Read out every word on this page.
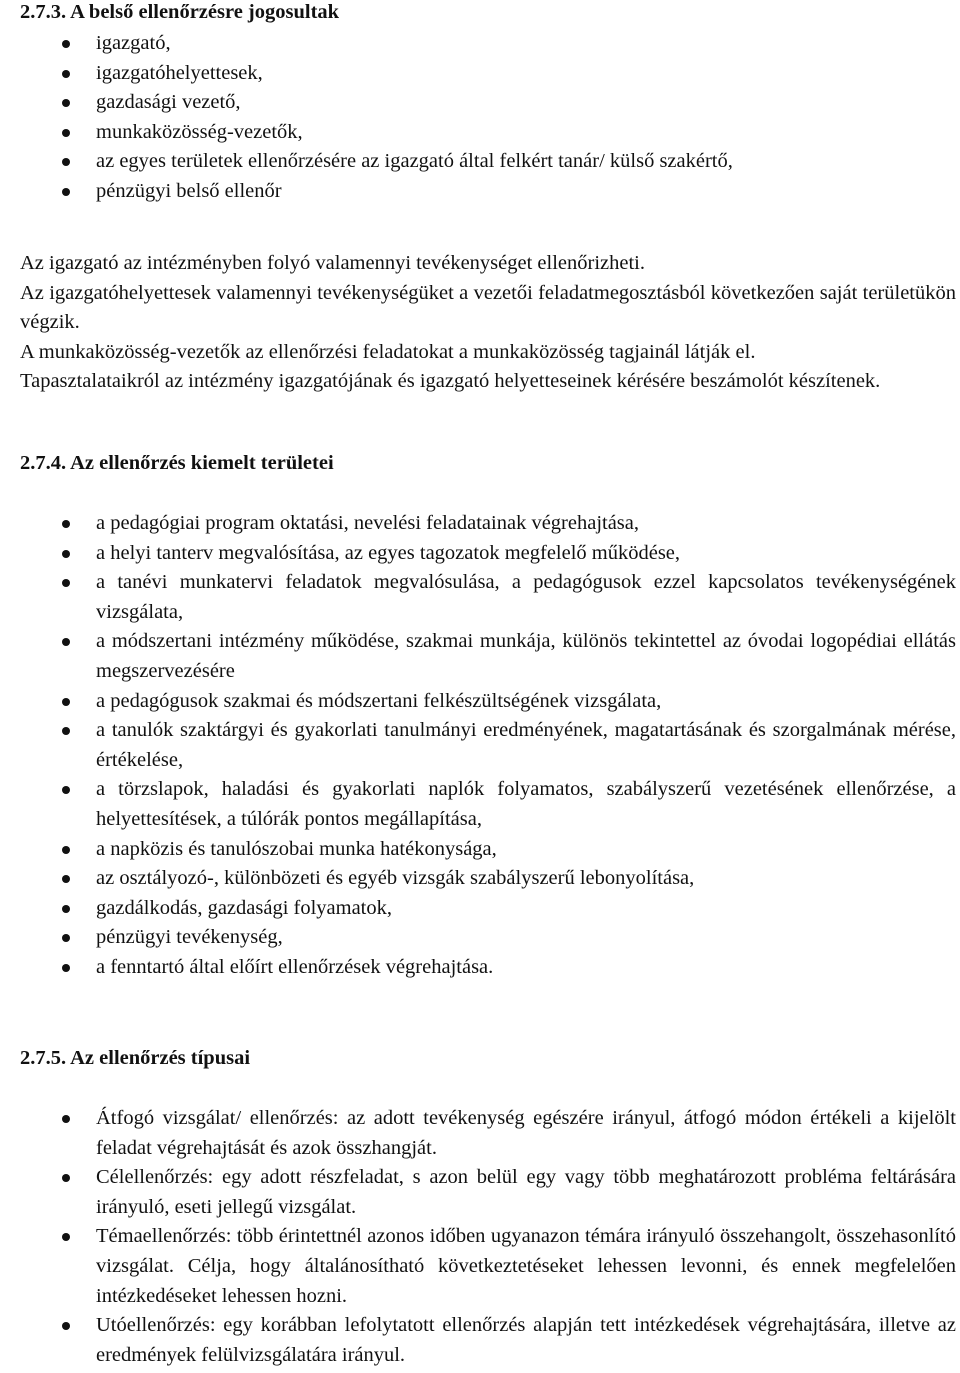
2.7.3. A belső ellenőrzésre jogosultak
igazgató,
igazgatóhelyettesek,
gazdasági vezető,
munkaközösség-vezetők,
az egyes területek ellenőrzésére az igazgató által felkért tanár/ külső szakértő,
pénzügyi belső ellenőr

Az igazgató az intézményben folyó valamennyi tevékenységet ellenőrizheti.

Az igazgatóhelyettesek valamennyi tevékenységüket a vezetői feladatmegosztásból következően saját területükön végzik.

A munkaközösség-vezetők az ellenőrzési feladatokat a munkaközösség tagjainál látják el.

Tapasztalataikról az intézmény igazgatójának és igazgató helyetteseinek kérésére beszámolót készítenek.

2.7.4. Az ellenőrzés kiemelt területei
a pedagógiai program oktatási, nevelési feladatainak végrehajtása,
a helyi tanterv megvalósítása, az egyes tagozatok megfelelő működése,
a tanévi munkatervi feladatok megvalósulása, a pedagógusok ezzel kapcsolatos tevékenységének vizsgálata,
a módszertani intézmény működése, szakmai munkája, különös tekintettel az óvodai logopédiai ellátás megszervezésére
a pedagógusok szakmai és módszertani felkészültségének vizsgálata,
a tanulók szaktárgyi és gyakorlati tanulmányi eredményének, magatartásának és szorgalmának mérése, értékelése,
a törzslapok, haladási és gyakorlati naplók folyamatos, szabályszerű vezetésének ellenőrzése, a helyettesítések, a túlórák pontos megállapítása,
a napközis és tanulószobai munka hatékonysága,
az osztályozó-, különbözeti és egyéb vizsgák szabályszerű lebonyolítása,
gazdálkodás, gazdasági folyamatok,
pénzügyi tevékenység,
a fenntartó által előírt ellenőrzések végrehajtása.
2.7.5. Az ellenőrzés típusai
Átfogó vizsgálat/ ellenőrzés: az adott tevékenység egészére irányul, átfogó módon értékeli a kijelölt feladat végrehajtását és azok összhangját.
Célellenőrzés: egy adott részfeladat, s azon belül egy vagy több meghatározott probléma feltárására irányuló, eseti jellegű vizsgálat.
Témaellenőrzés: több érintettnél azonos időben ugyanazon témára irányuló összehangolt, összehasonlító vizsgálat. Célja, hogy általánosítható következtetéseket lehessen levonni, és ennek megfelelően intézkedéseket lehessen hozni.
Utóellenőrzés: egy korábban lefolytatott ellenőrzés alapján tett intézkedések végrehajtására, illetve az eredmények felülvizsgálatára irányul.
